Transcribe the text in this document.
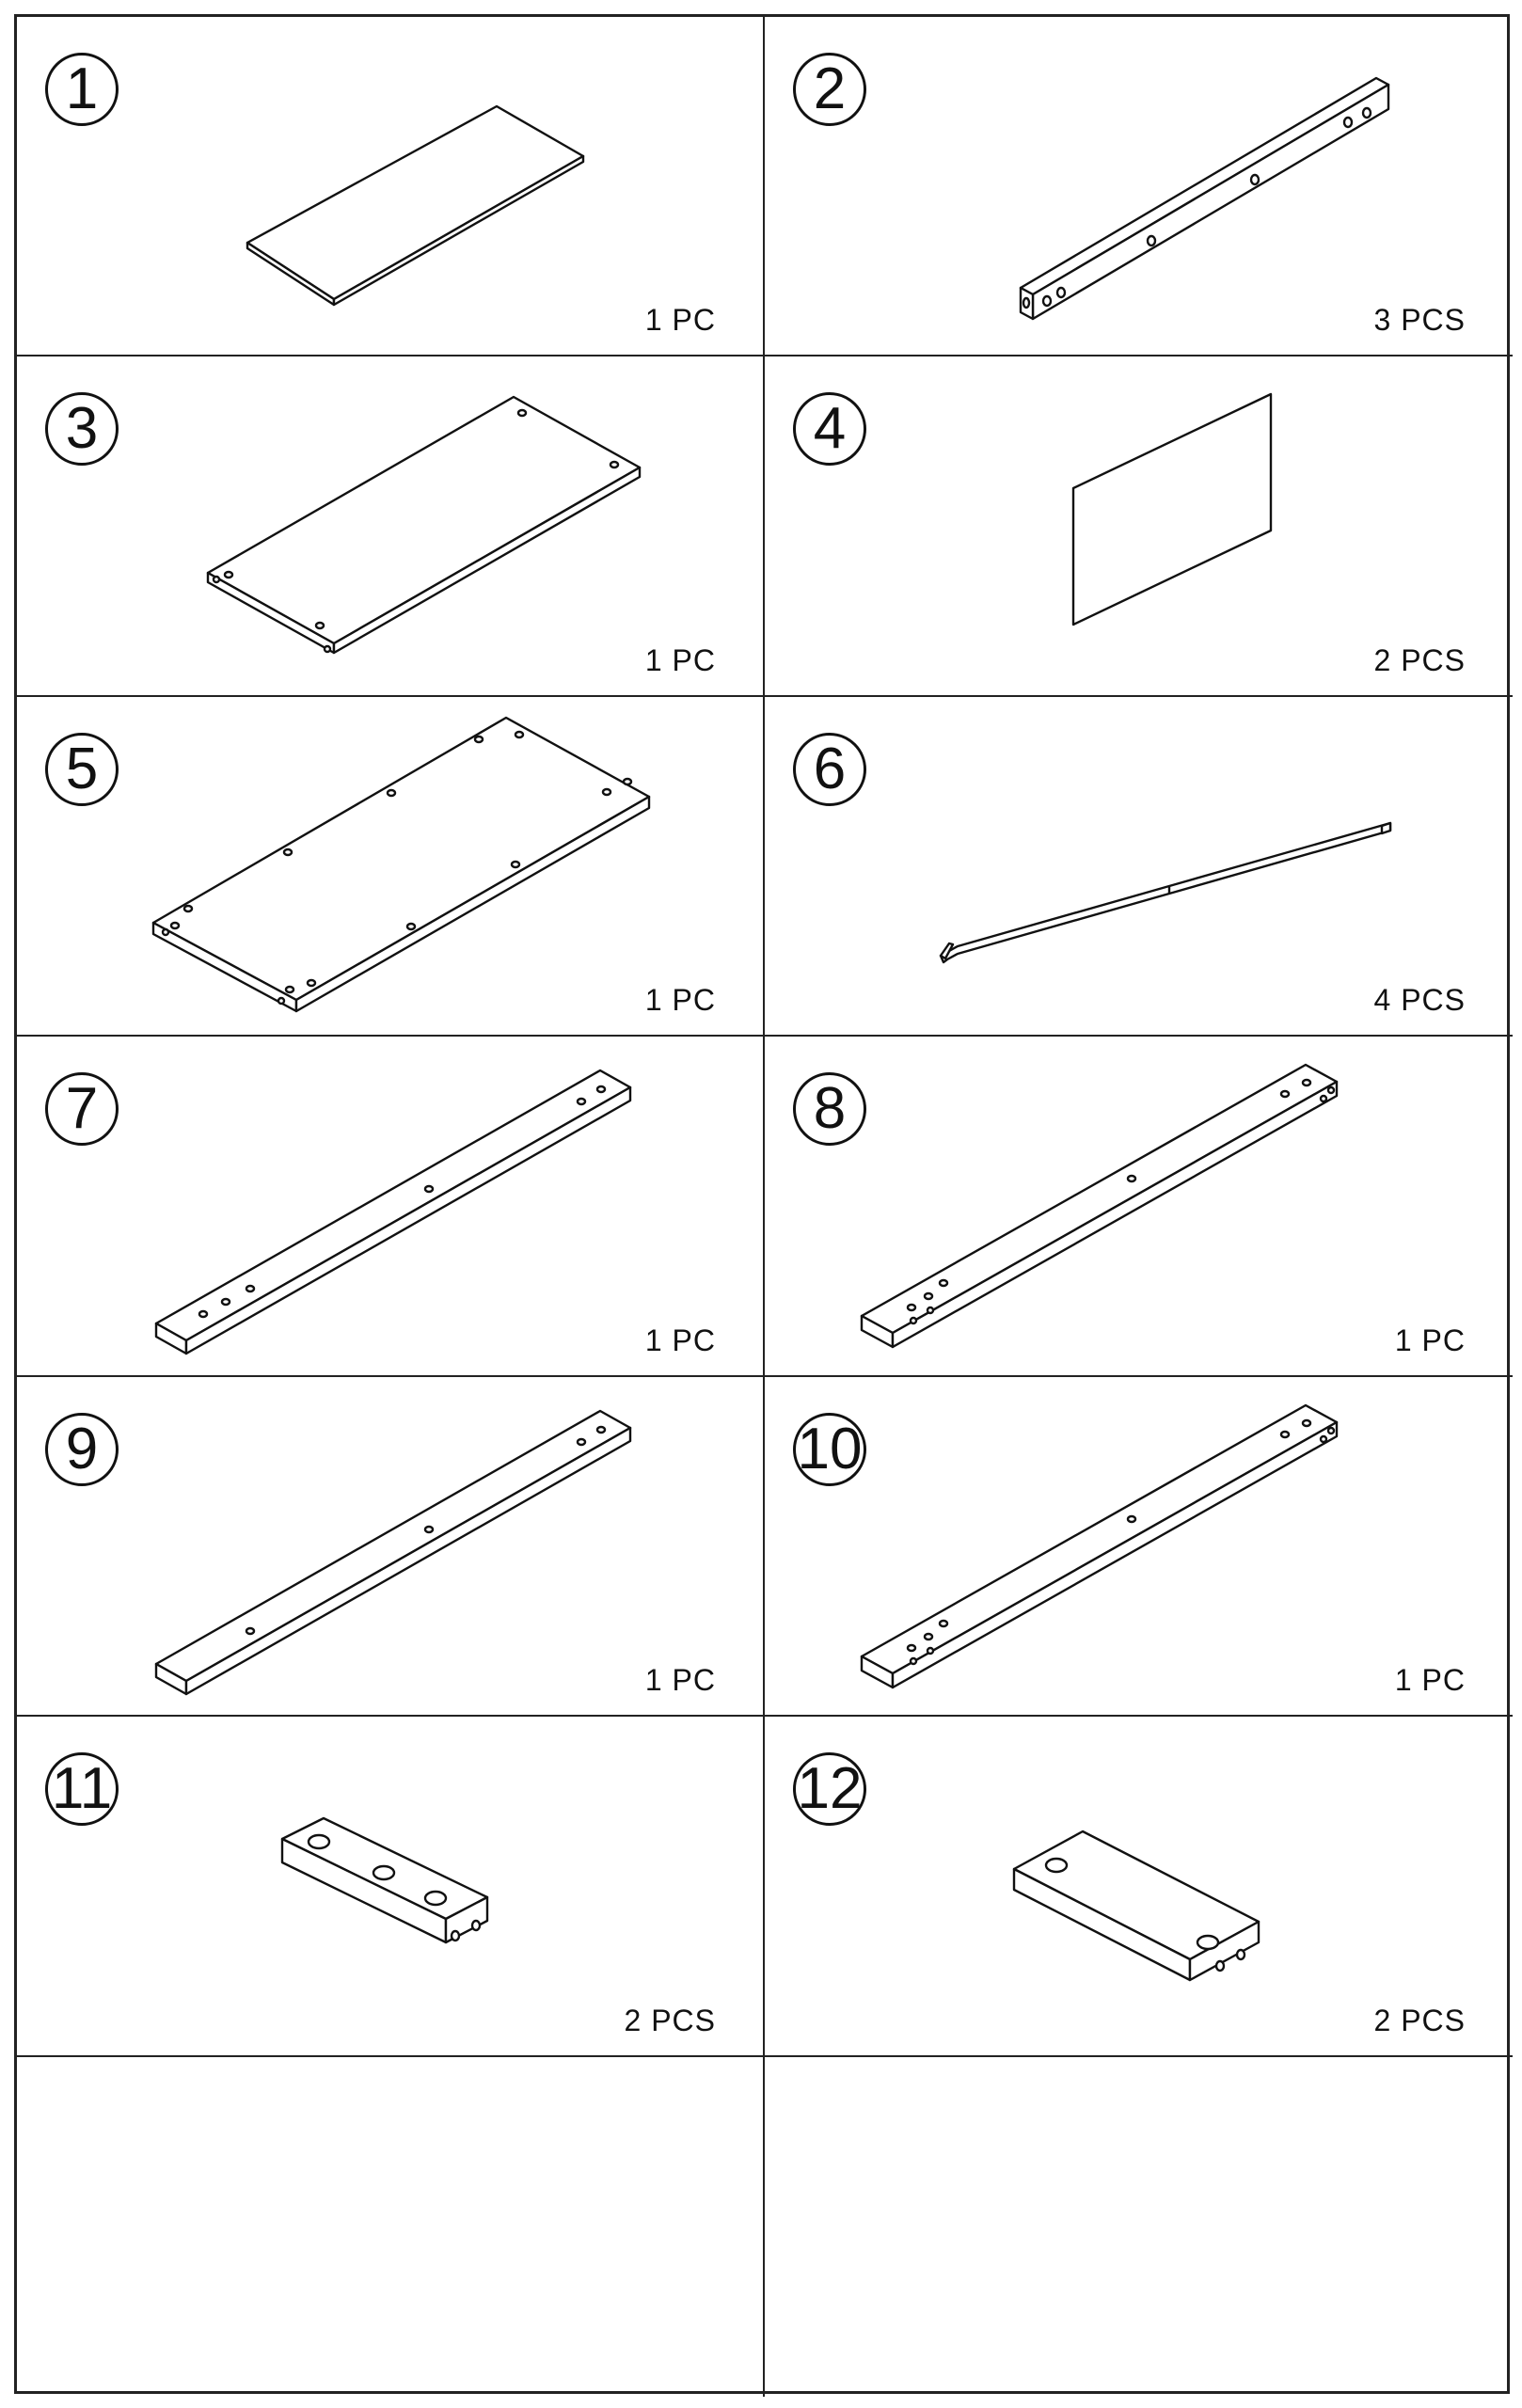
1
1 PC
2
3 PCS
3
1 PC
4
2 PCS
5
1 PC
6
4 PCS
7
1 PC
8
1 PC
9
1 PC
10
1 PC
11
2 PCS
12
2 PCS
